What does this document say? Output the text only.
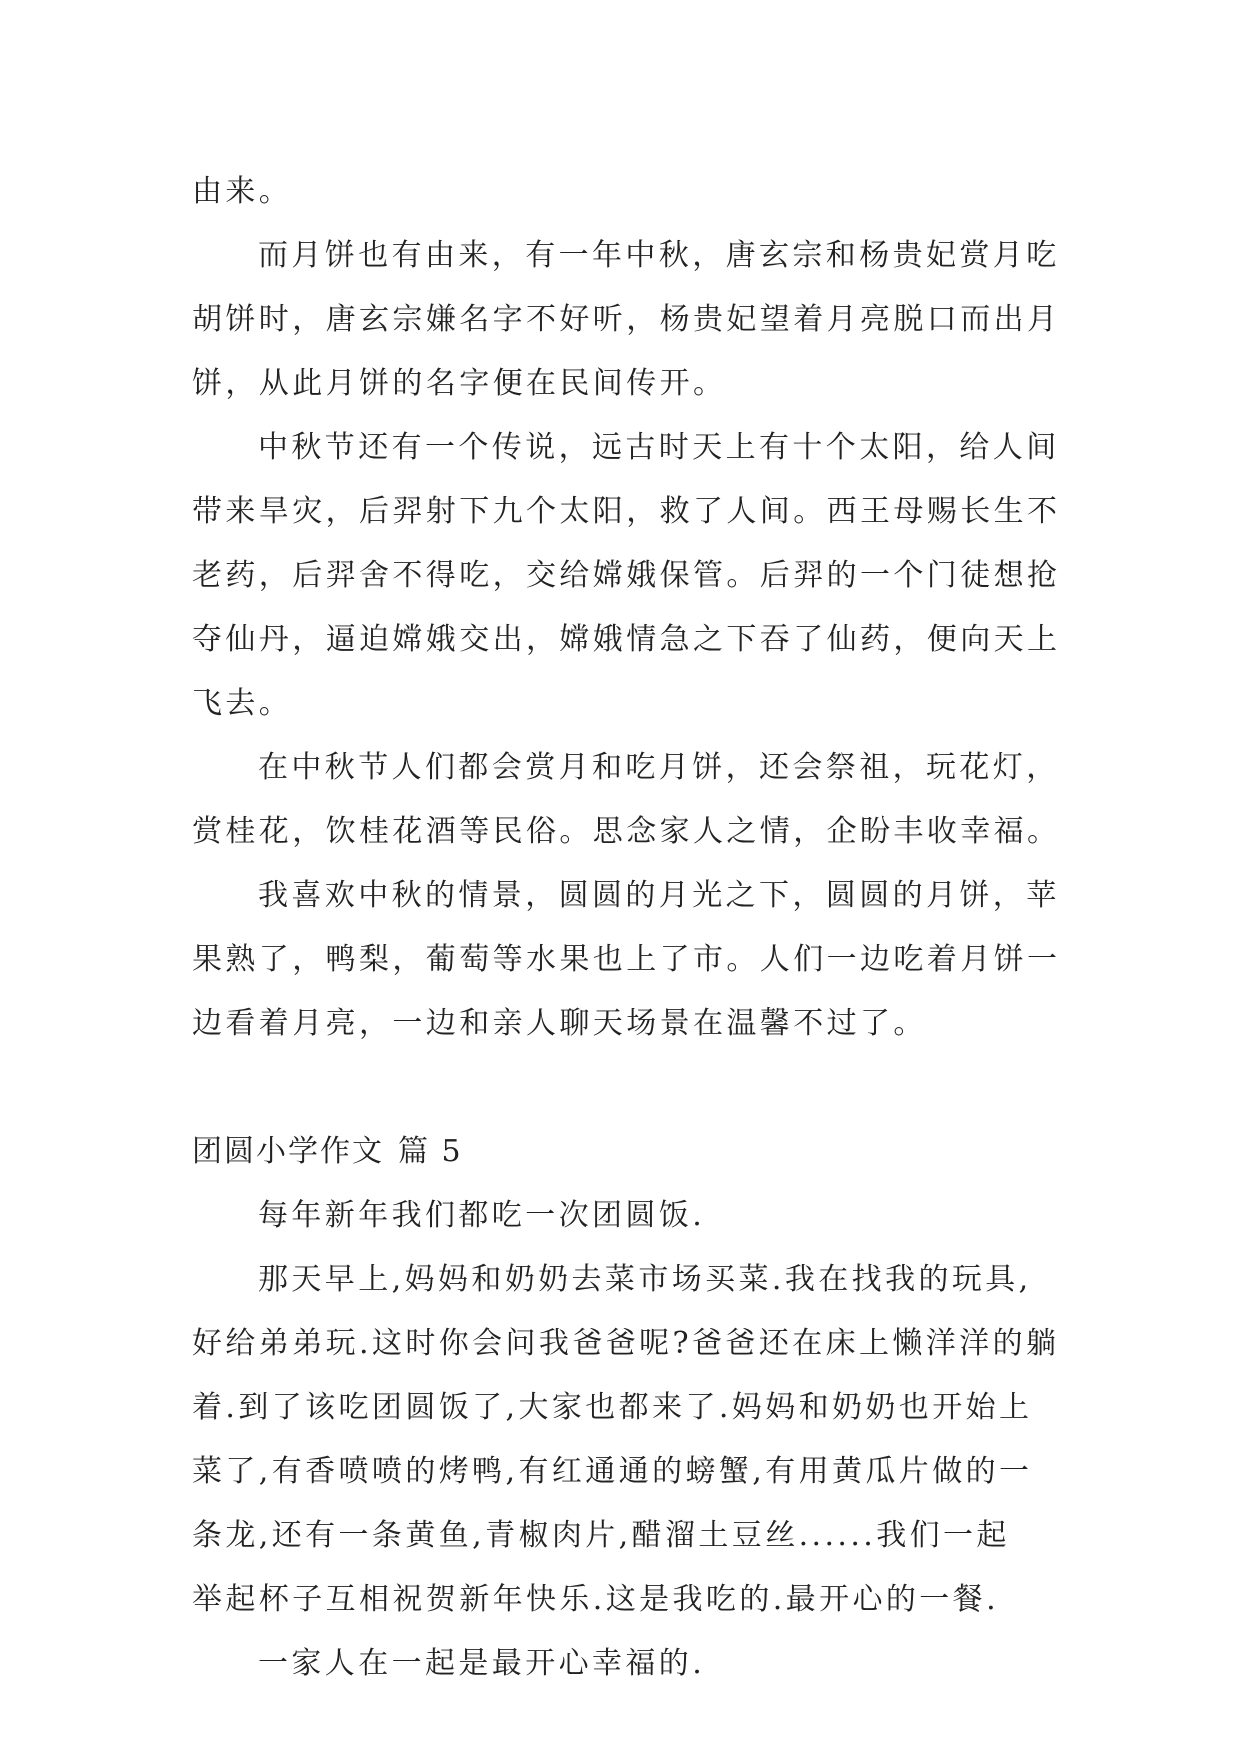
由来。
而月饼也有由来，有一年中秋，唐玄宗和杨贵妃赏月吃
胡饼时，唐玄宗嫌名字不好听，杨贵妃望着月亮脱口而出月
饼，从此月饼的名字便在民间传开。
中秋节还有一个传说，远古时天上有十个太阳，给人间
带来旱灾，后羿射下九个太阳，救了人间。西王母赐长生不
老药，后羿舍不得吃，交给嫦娥保管。后羿的一个门徒想抢
夺仙丹，逼迫嫦娥交出，嫦娥情急之下吞了仙药，便向天上
飞去。
在中秋节人们都会赏月和吃月饼，还会祭祖，玩花灯，
赏桂花，饮桂花酒等民俗。思念家人之情，企盼丰收幸福。
我喜欢中秋的情景，圆圆的月光之下，圆圆的月饼，苹
果熟了，鸭梨，葡萄等水果也上了市。人们一边吃着月饼一
边看着月亮，一边和亲人聊天场景在温馨不过了。
团圆小学作文 篇 5
每年新年我们都吃一次团圆饭.
那天早上,妈妈和奶奶去菜市场买菜.我在找我的玩具,
好给弟弟玩.这时你会问我爸爸呢?爸爸还在床上懒洋洋的躺
着.到了该吃团圆饭了,大家也都来了.妈妈和奶奶也开始上
菜了,有香喷喷的烤鸭,有红通通的螃蟹,有用黄瓜片做的一
条龙,还有一条黄鱼,青椒肉片,醋溜土豆丝......我们一起
举起杯子互相祝贺新年快乐.这是我吃的.最开心的一餐.
一家人在一起是最开心幸福的.
